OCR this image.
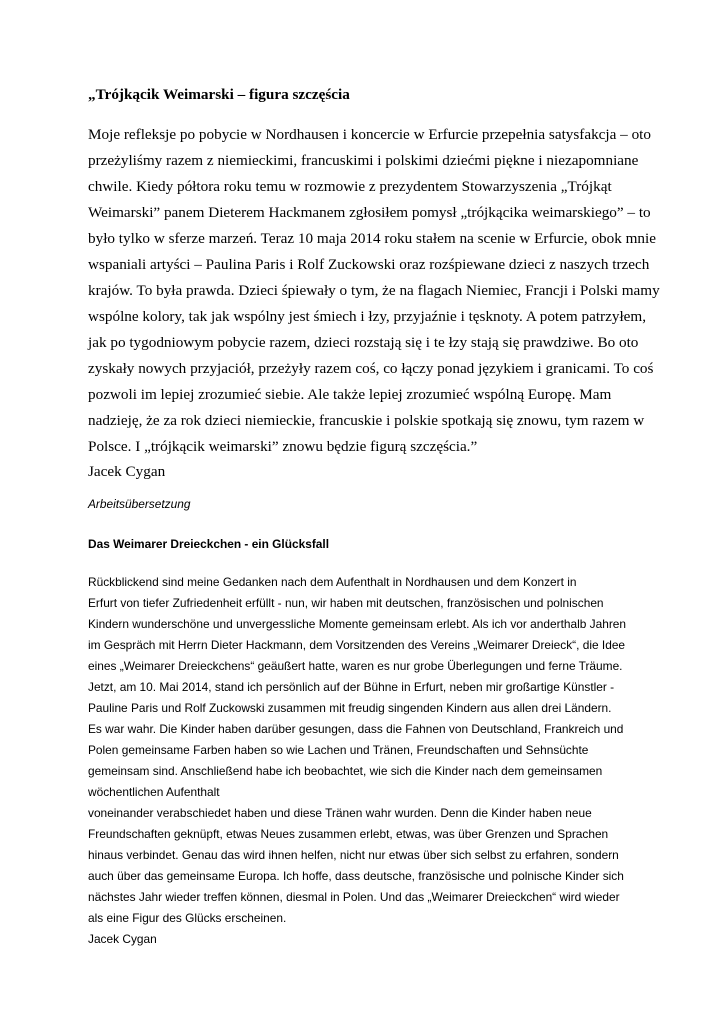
„Trójkącik Weimarski – figura szczęścia

Moje refleksje po pobycie w Nordhausen i koncercie w Erfurcie przepełnia satysfakcja – oto

przeżyliśmy razem z niemieckimi, francuskimi i polskimi dziećmi piękne i niezapomniane

chwile. Kiedy półtora roku temu w rozmowie z prezydentem Stowarzyszenia „Trójkąt

Weimarski” panem Dieterem Hackmanem zgłosiłem pomysł „trójkącika weimarskiego” – to

było tylko w sferze marzeń. Teraz 10 maja 2014 roku stałem na scenie w Erfurcie, obok mnie

wspaniali artyści – Paulina Paris i Rolf Zuckowski oraz rozśpiewane dzieci z naszych trzech

krajów. To była prawda. Dzieci śpiewały o tym, że na flagach Niemiec, Francji i Polski mamy

wspólne kolory, tak jak wspólny jest śmiech i łzy, przyjaźnie i tęsknoty. A potem patrzyłem,

jak po tygodniowym pobycie razem, dzieci rozstają się i te łzy stają się prawdziwe. Bo oto

zyskały nowych przyjaciół, przeżyły razem coś, co łączy ponad językiem i granicami. To coś

pozwoli im lepiej zrozumieć siebie. Ale także lepiej zrozumieć wspólną Europę. Mam

nadzieję, że za rok dzieci niemieckie, francuskie i polskie spotkają się znowu, tym razem w

Polsce. I „trójkącik weimarski” znowu będzie figurą szczęścia.”

Jacek Cygan

Arbeitsübersetzung

Das Weimarer Dreieckchen - ein Glücksfall

Rückblickend sind meine Gedanken nach dem Aufenthalt in Nordhausen und dem Konzert in

Erfurt von tiefer Zufriedenheit erfüllt - nun, wir haben mit deutschen, französischen und polnischen

Kindern wunderschöne und unvergessliche Momente gemeinsam erlebt. Als ich vor anderthalb Jahren

im Gespräch mit Herrn Dieter Hackmann, dem Vorsitzenden des Vereins „Weimarer Dreieck“, die Idee

eines „Weimarer Dreieckchens“ geäußert hatte, waren es nur grobe Überlegungen und ferne Träume.

Jetzt, am 10. Mai 2014, stand ich persönlich auf der Bühne in Erfurt, neben mir großartige Künstler -

Pauline Paris und Rolf Zuckowski zusammen mit freudig singenden Kindern aus allen drei Ländern.

Es war wahr. Die Kinder haben darüber gesungen, dass die Fahnen von Deutschland, Frankreich und

Polen gemeinsame Farben haben so wie Lachen und Tränen, Freundschaften und Sehnsüchte

gemeinsam sind. Anschließend habe ich beobachtet, wie sich die Kinder nach dem gemeinsamen

wöchentlichen Aufenthalt

voneinander verabschiedet haben und diese Tränen wahr wurden. Denn die Kinder haben neue

Freundschaften geknüpft, etwas Neues zusammen erlebt, etwas, was über Grenzen und Sprachen

hinaus verbindet. Genau das wird ihnen helfen, nicht nur etwas über sich selbst zu erfahren, sondern

auch über das gemeinsame Europa. Ich hoffe, dass deutsche, französische und polnische Kinder sich

nächstes Jahr wieder treffen können, diesmal in Polen. Und das „Weimarer Dreieckchen“ wird wieder

als eine Figur des Glücks erscheinen.

Jacek Cygan
